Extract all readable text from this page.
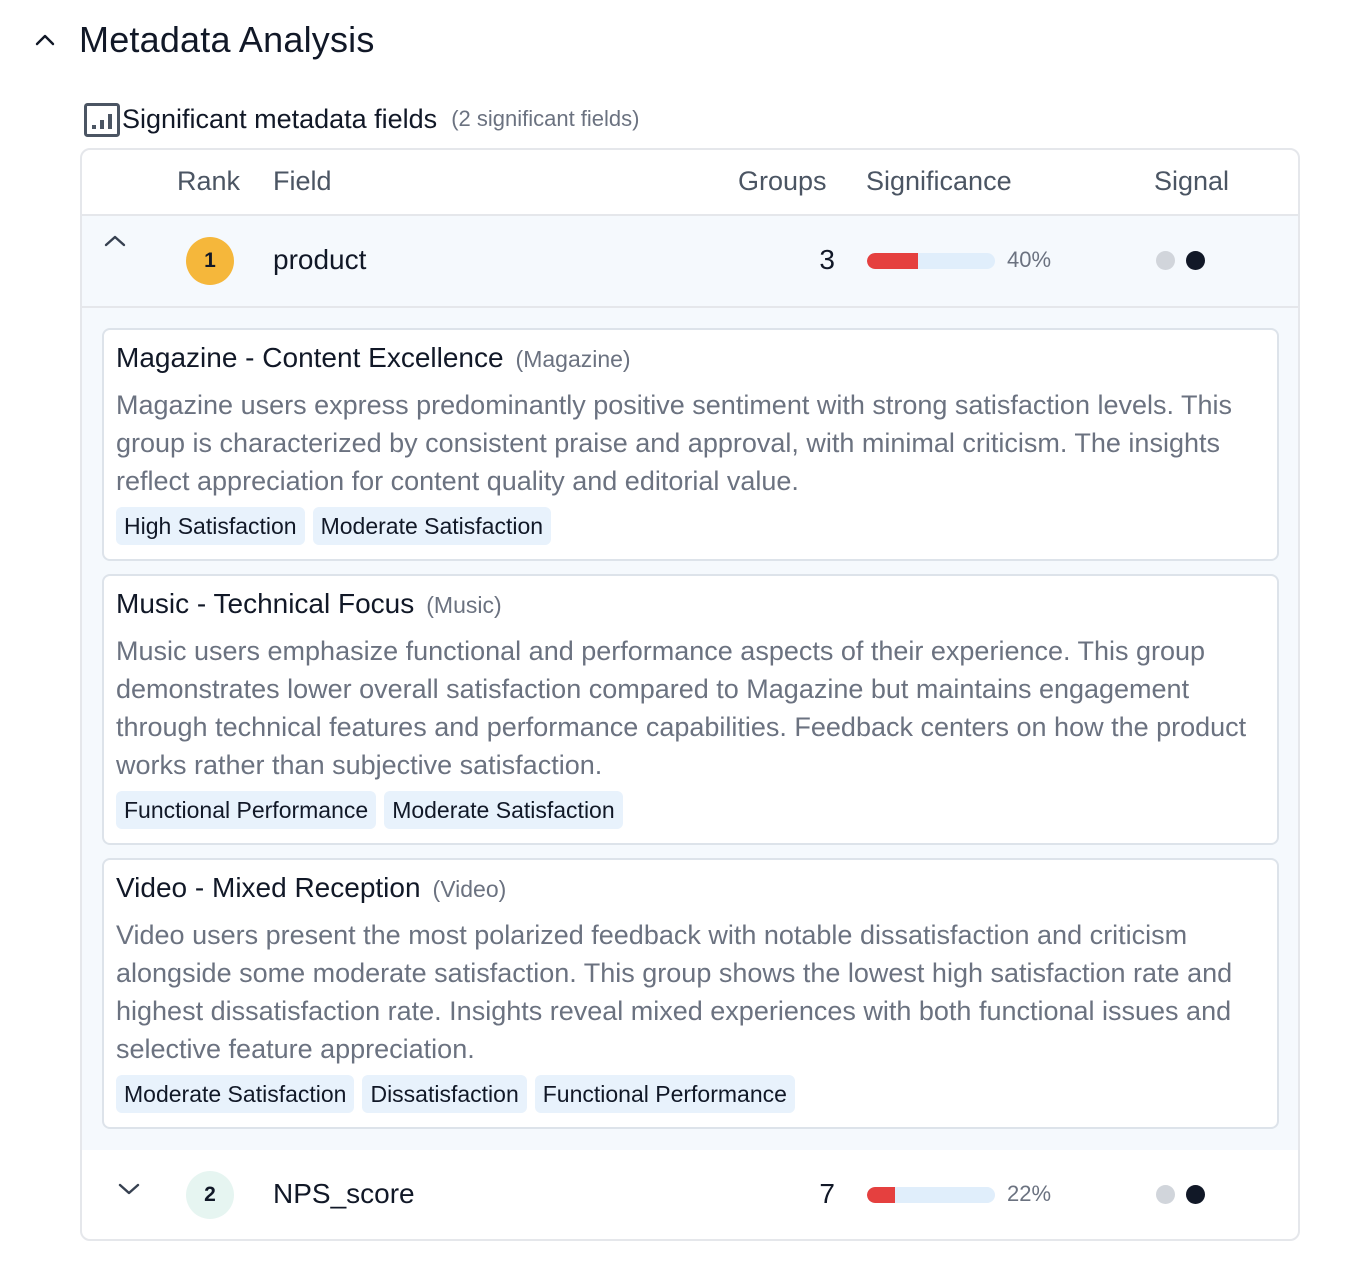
Metadata Analysis
Significant metadata fields (2 significant fields)
Rank Field	Groups Significance	Signal
1	product	3	40%
Magazine - Content Excellence (Magazine)
Magazine users express predominantly positive sentiment with strong satisfaction levels. This group is characterized by consistent praise and approval, with minimal criticism. The insights reflect appreciation for content quality and editorial value.
High Satisfaction	Moderate Satisfaction
Music - Technical Focus (Music)
Music users emphasize functional and performance aspects of their experience. This group demonstrates lower overall satisfaction compared to Magazine but maintains engagement through technical features and performance capabilities. Feedback centers on how the product works rather than subjective satisfaction.
Functional Performance	Moderate Satisfaction
Video - Mixed Reception (Video)
Video users present the most polarized feedback with notable dissatisfaction and criticism alongside some moderate satisfaction. This group shows the lowest high satisfaction rate and highest dissatisfaction rate. Insights reveal mixed experiences with both functional issues and selective feature appreciation.
Moderate Satisfaction	Dissatisfaction	Functional Performance
2	NPS_score	7	22%
